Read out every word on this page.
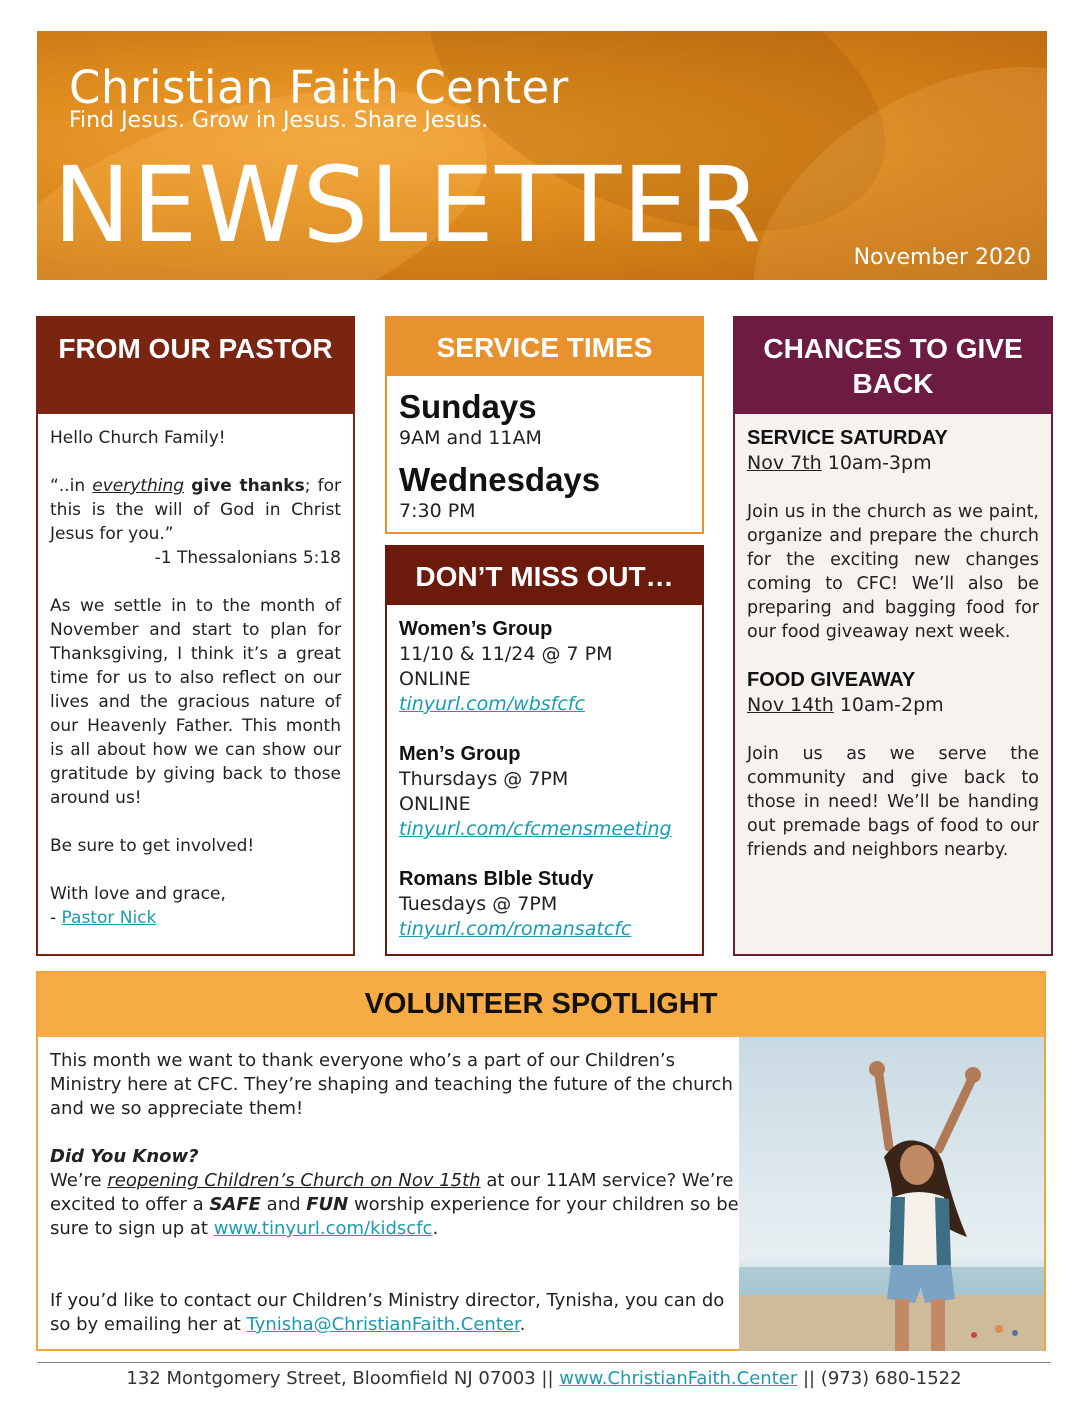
Christian Faith Center
Find Jesus. Grow in Jesus. Share Jesus.
NEWSLETTER	November 2020
FROM OUR PASTOR
Hello Church Family!
“..in everything give thanks; for this is the will of God in Christ Jesus for you.”
-1 Thessalonians 5:18
As we settle in to the month of November and start to plan for Thanksgiving, I think it’s a great time for us to also reflect on our lives and the gracious nature of our Heavenly Father. This month is all about how we can show our gratitude by giving back to those around us!
Be sure to get involved!
With love and grace,
- Pastor Nick
SERVICE TIMES
Sundays
9AM and 11AM
Wednesdays
7:30 PM
DON’T MISS OUT…
Women’s Group
11/10 & 11/24 @ 7 PM
ONLINE
tinyurl.com/wbsfcfc
Men’s Group
Thursdays @ 7PM
ONLINE
tinyurl.com/cfcmensmeeting
Romans BIble Study
Tuesdays @ 7PM
tinyurl.com/romansatcfc
CHANCES TO GIVE BACK
SERVICE SATURDAY
Nov 7th 10am-3pm
Join us in the church as we paint, organize and prepare the church for the exciting new changes coming to CFC! We’ll also be preparing and bagging food for our food giveaway next week.
FOOD GIVEAWAY
Nov 14th 10am-2pm
Join us as we serve the community and give back to those in need! We’ll be handing out premade bags of food to our friends and neighbors nearby.
VOLUNTEER SPOTLIGHT
This month we want to thank everyone who’s a part of our Children’s Ministry here at CFC. They’re shaping and teaching the future of the church and we so appreciate them!
Did You Know?
We’re reopening Children’s Church on Nov 15th at our 11AM service? We’re excited to offer a SAFE and FUN worship experience for your children so be sure to sign up at www.tinyurl.com/kidscfc.
If you’d like to contact our Children’s Ministry director, Tynisha, you can do so by emailing her at Tynisha@ChristianFaith.Center.
132 Montgomery Street, Bloomfield NJ 07003 || www.ChristianFaith.Center || (973) 680-1522
